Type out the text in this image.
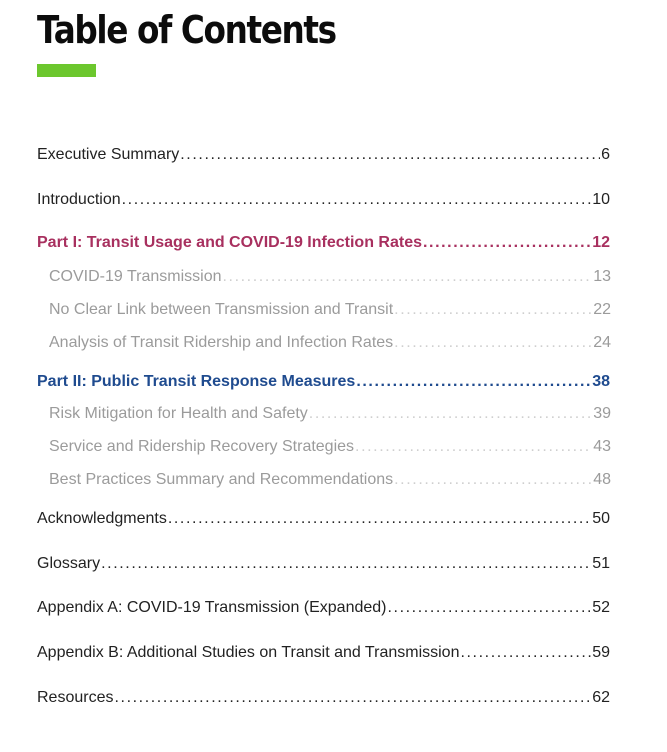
Table of Contents
Executive Summary .....	6
Introduction .....	10
Part I: Transit Usage and COVID-19 Infection Rates .....	12
COVID-19 Transmission .....	13
No Clear Link between Transmission and Transit .....	22
Analysis of Transit Ridership and Infection Rates .....	24
Part II: Public Transit Response Measures .....	38
Risk Mitigation for Health and Safety .....	39
Service and Ridership Recovery Strategies .....	43
Best Practices Summary and Recommendations .....	48
Acknowledgments .....	50
Glossary .....	51
Appendix A: COVID-19 Transmission (Expanded) .....	52
Appendix B: Additional Studies on Transit and Transmission .....	59
Resources .....	62
